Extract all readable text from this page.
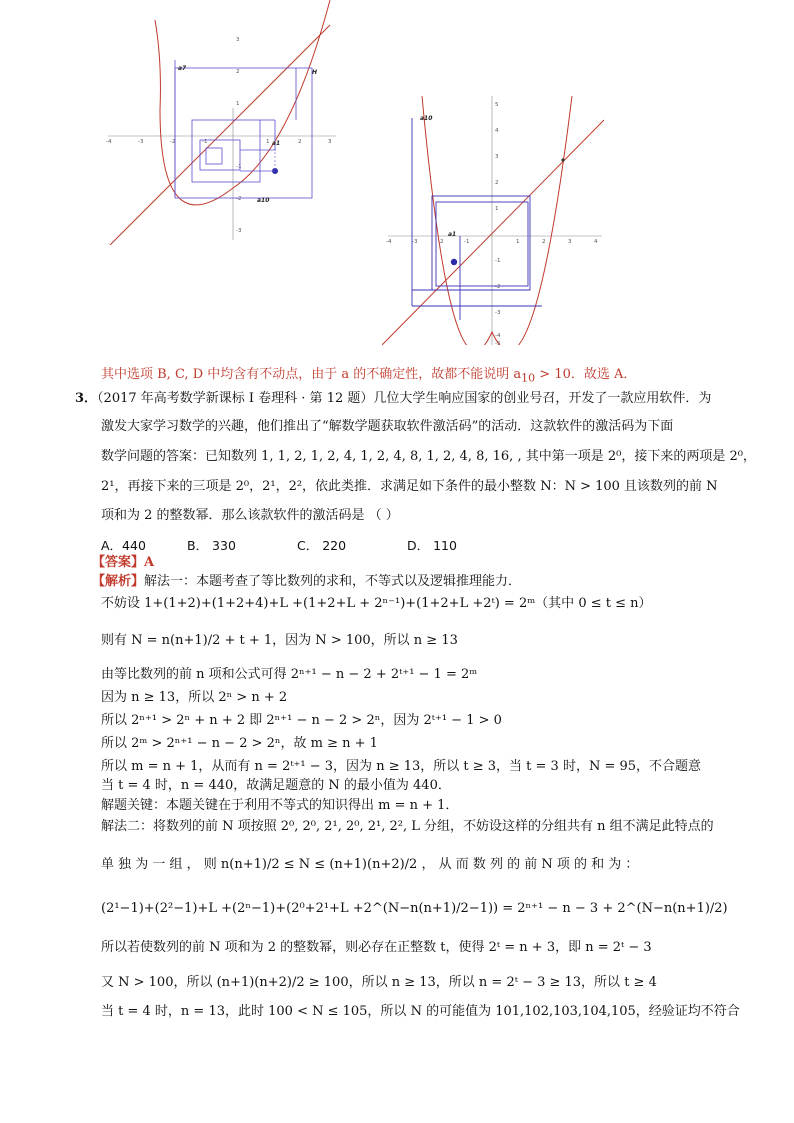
-4	-3	-2	-1	1	2	3
3
2
1
-1
-2
-3
a7
H
a10
a1
-4	-3	-2	-1	1	2	3	4
5
4
3
2
1
-1
-2
-3
-4
-5
a10
a1
其中选项 B, C, D 中均含有不动点，由于 a 的不确定性，故都不能说明 $a_{10} > 10$．故选 A．
3．（2017 年高考数学新课标 I 卷理科 · 第 12 题）几位大学生响应国家的创业号召，开发了一款应用软件．为
激发大家学习数学的兴趣，他们推出了“解数学题获取软件激活码”的活动．这款软件的激活码为下面
数学问题的答案：已知数列 1, 1, 2, 1, 2, 4, 1, 2, 4, 8, 1, 2, 4, 8, 16, , 其中第一项是 2⁰，接下来的两项是 2⁰，
2¹，再接下来的三项是 2⁰，2¹，2²，依此类推．求满足如下条件的最小整数 N：N > 100 且该数列的前 N
项和为 2 的整数幂．那么该款软件的激活码是 （ ）
A．440	B． 330	C． 220	D． 110
【答案】A
【解析】解法一：本题考查了等比数列的求和，不等式以及逻辑推理能力．
不妨设 1+(1+2)+(1+2+4)+L +(1+2+L + 2ⁿ⁻¹)+(1+2+L +2ᵗ) = 2ᵐ（其中 0 ≤ t ≤ n）
则有 N = n(n+1)/2 + t + 1，因为 N > 100，所以 n ≥ 13
由等比数列的前 n 项和公式可得 2ⁿ⁺¹ − n − 2 + 2ᵗ⁺¹ − 1 = 2ᵐ
因为 n ≥ 13，所以 2ⁿ > n + 2
所以 2ⁿ⁺¹ > 2ⁿ + n + 2 即 2ⁿ⁺¹ − n − 2 > 2ⁿ，因为 2ᵗ⁺¹ − 1 > 0
所以 2ᵐ > 2ⁿ⁺¹ − n − 2 > 2ⁿ，故 m ≥ n + 1
所以 m = n + 1，从而有 n = 2ᵗ⁺¹ − 3，因为 n ≥ 13，所以 t ≥ 3，当 t = 3 时，N = 95，不合题意
当 t = 4 时，n = 440，故满足题意的 N 的最小值为 440．
解题关键：本题关键在于利用不等式的知识得出 m = n + 1．
解法二：将数列的前 N 项按照 2⁰, 2⁰, 2¹, 2⁰, 2¹, 2², L 分组，不妨设这样的分组共有 n 组不满足此特点的
单 独 为 一 组 ， 则 n(n+1)/2 ≤ N ≤ (n+1)(n+2)/2 ， 从 而 数 列 的 前 N 项 的 和 为 ：
(2¹−1)+(2²−1)+L +(2ⁿ−1)+(2⁰+2¹+L +2^(N−n(n+1)/2−1)) = 2ⁿ⁺¹ − n − 3 + 2^(N−n(n+1)/2)
所以若使数列的前 N 项和为 2 的整数幂，则必存在正整数 t，使得 2ᵗ = n + 3，即 n = 2ᵗ − 3
又 N > 100，所以 (n+1)(n+2)/2 ≥ 100，所以 n ≥ 13，所以 n = 2ᵗ − 3 ≥ 13，所以 t ≥ 4
当 t = 4 时，n = 13，此时 100 < N ≤ 105，所以 N 的可能值为 101,102,103,104,105，经验证均不符合
